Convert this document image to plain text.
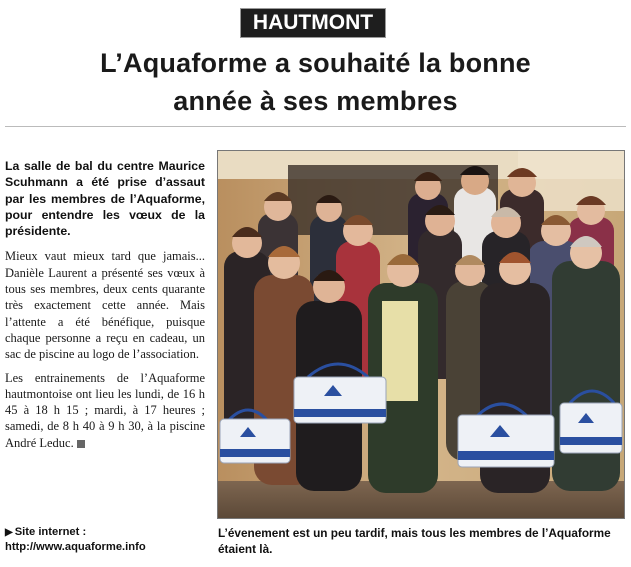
HAUTMONT
L’Aquaforme a souhaité la bonne
année à ses membres

La salle de bal du centre Maurice Scuhmann a été prise d’assaut par les membres de l’Aquaforme, pour entendre les vœux de la présidente.

Mieux vaut mieux tard que jamais... Danièle Laurent a présenté ses vœux à tous ses membres, deux cents quarante très exactement cette année. Mais l’attente a été bénéfique, puisque chaque personne a reçu en cadeau, un sac de piscine au logo de l’association.

Les entrainements de l’Aquaforme hautmontoise ont lieu les lundi, de 16 h 45 à 18 h 15 ; mardi, à 17 heures ; samedi, de 8 h 40 à 9 h 30, à la piscine André Leduc.

▶ Site internet : http://www.aquaforme.info

L’évenement est un peu tardif, mais tous les membres de l’Aquaforme étaient là.
